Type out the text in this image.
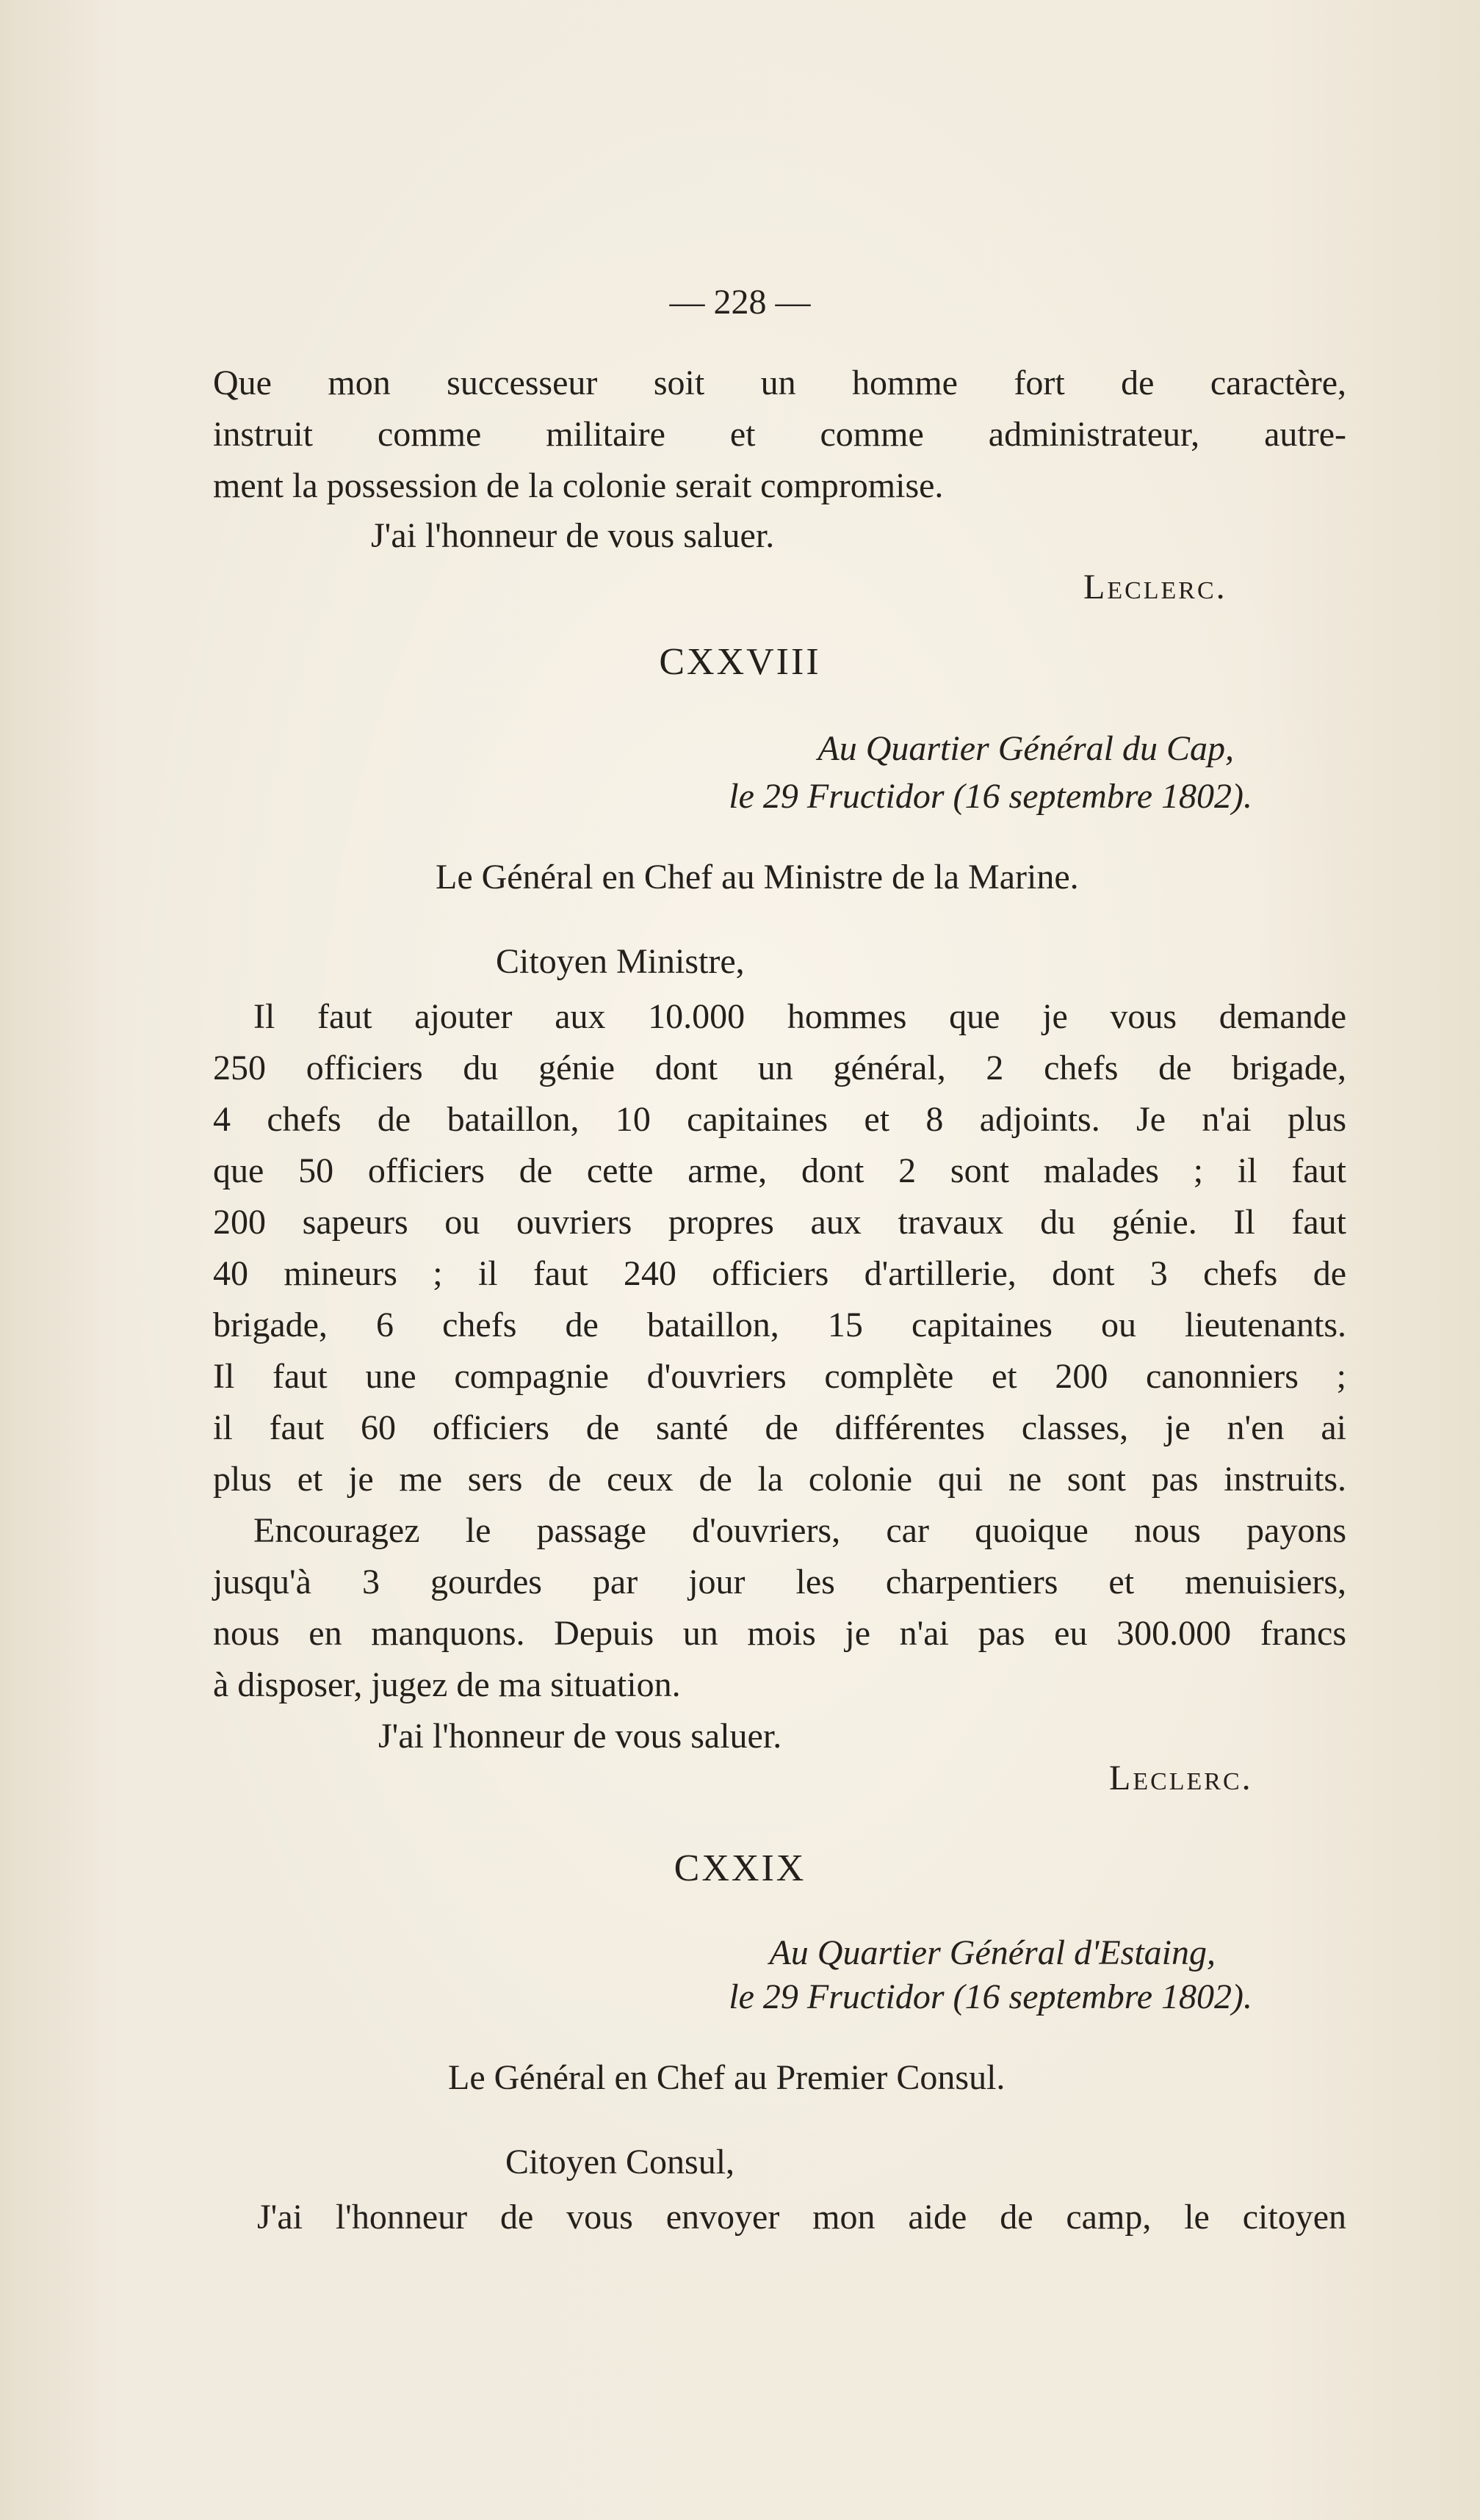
— 228 —
Que mon successeur soit un homme fort de caractère,
instruit comme militaire et comme administrateur, autre-
ment la possession de la colonie serait compromise.
J'ai l'honneur de vous saluer.
Leclerc.
CXXVIII
Au Quartier Général du Cap,
le 29 Fructidor (16 septembre 1802).
Le Général en Chef au Ministre de la Marine.
Citoyen Ministre,
Il faut ajouter aux 10.000 hommes que je vous demande
250 officiers du génie dont un général, 2 chefs de brigade,
4 chefs de bataillon, 10 capitaines et 8 adjoints. Je n'ai plus
que 50 officiers de cette arme, dont 2 sont malades ; il faut
200 sapeurs ou ouvriers propres aux travaux du génie. Il faut
40 mineurs ; il faut 240 officiers d'artillerie, dont 3 chefs de
brigade, 6 chefs de bataillon, 15 capitaines ou lieutenants.
Il faut une compagnie d'ouvriers complète et 200 canonniers ;
il faut 60 officiers de santé de différentes classes, je n'en ai
plus et je me sers de ceux de la colonie qui ne sont pas instruits.
Encouragez le passage d'ouvriers, car quoique nous payons
jusqu'à 3 gourdes par jour les charpentiers et menuisiers,
nous en manquons. Depuis un mois je n'ai pas eu 300.000 francs
à disposer, jugez de ma situation.
J'ai l'honneur de vous saluer.
Leclerc.
CXXIX
Au Quartier Général d'Estaing,
le 29 Fructidor (16 septembre 1802).
Le Général en Chef au Premier Consul.
Citoyen Consul,
J'ai l'honneur de vous envoyer mon aide de camp, le citoyen
